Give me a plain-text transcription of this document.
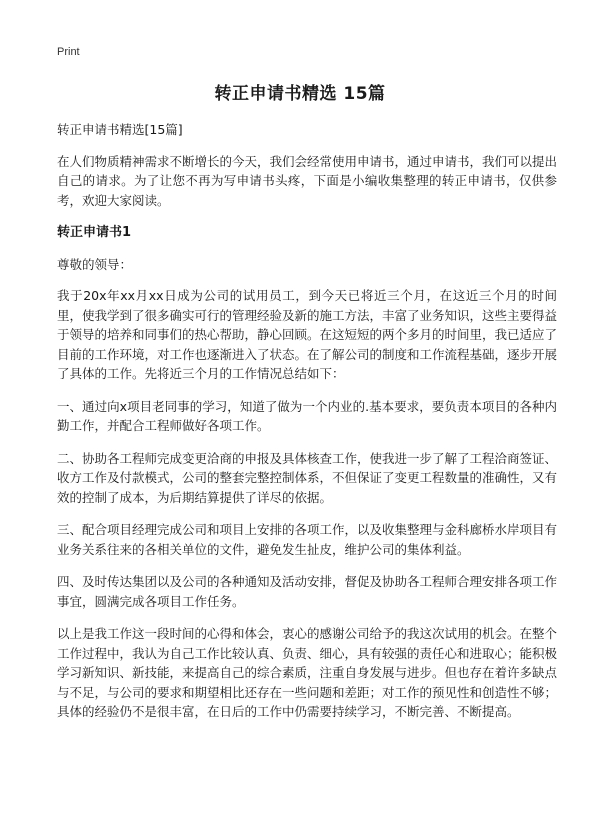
Print
转正申请书精选 15篇

转正申请书精选[15篇]

在人们物质精神需求不断增长的今天，我们会经常使用申请书，通过申请书，我们可以提出自己的请求。为了让您不再为写申请书头疼，下面是小编收集整理的转正申请书，仅供参考，欢迎大家阅读。

转正申请书1

尊敬的领导：

我于20x年xx月xx日成为公司的试用员工，到今天已将近三个月，在这近三个月的时间里，使我学到了很多确实可行的管理经验及新的施工方法，丰富了业务知识，这些主要得益于领导的培养和同事们的热心帮助，静心回顾。在这短短的两个多月的时间里，我已适应了目前的工作环境，对工作也逐渐进入了状态。在了解公司的制度和工作流程基础，逐步开展了具体的工作。先将近三个月的工作情况总结如下：

一、通过向x项目老同事的学习，知道了做为一个内业的.基本要求，要负责本项目的各种内勤工作，并配合工程师做好各项工作。

二、协助各工程师完成变更洽商的申报及具体核查工作，使我进一步了解了工程洽商签证、收方工作及付款模式，公司的整套完整控制体系，不但保证了变更工程数量的准确性，又有效的控制了成本，为后期结算提供了详尽的依据。

三、配合项目经理完成公司和项目上安排的各项工作，以及收集整理与金科廊桥水岸项目有业务关系往来的各相关单位的文件，避免发生扯皮，维护公司的集体利益。

四、及时传达集团以及公司的各种通知及活动安排，督促及协助各工程师合理安排各项工作事宜，圆满完成各项目工作任务。

以上是我工作这一段时间的心得和体会，衷心的感谢公司给予的我这次试用的机会。在整个工作过程中，我认为自己工作比较认真、负责、细心，具有较强的责任心和进取心；能积极学习新知识、新技能，来提高自己的综合素质，注重自身发展与进步。但也存在着许多缺点与不足，与公司的要求和期望相比还存在一些问题和差距；对工作的预见性和创造性不够；具体的经验仍不是很丰富，在日后的工作中仍需要持续学习，不断完善、不断提高。
